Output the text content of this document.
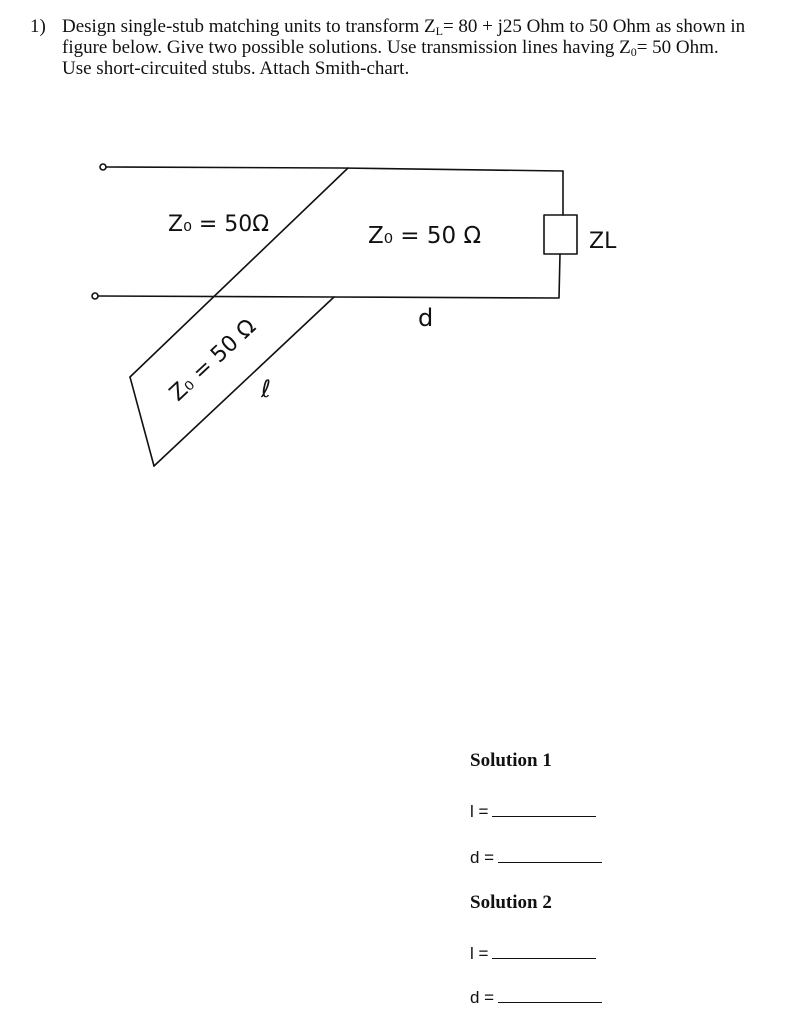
1) Design single-stub matching units to transform $Z_L= 80 + j25$ Ohm to 50 Ohm as shown in

figure below. Give two possible solutions. Use transmission lines having $Z_0= 50$ Ohm.

Use short-circuited stubs. Attach Smith-chart.

Z₀ = 50Ω	Z₀ = 50 Ω	ZL
d
Z₀ = 50 Ω ℓ
Solution 1
l =
d =
Solution 2
l =
d =
